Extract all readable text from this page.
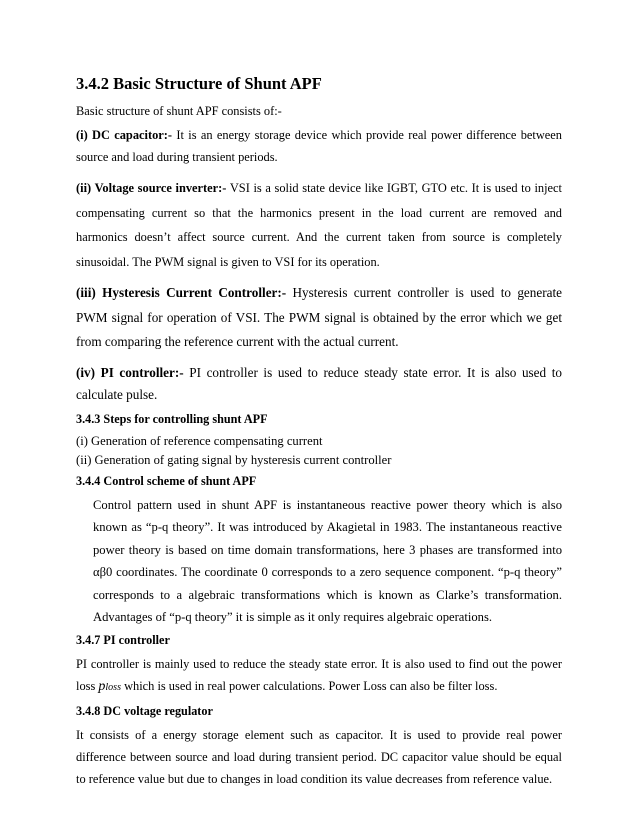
3.4.2 Basic Structure of Shunt APF

Basic structure of shunt APF consists of:-

(i) DC capacitor:- It is an energy storage device which provide real power difference between source and load during transient periods.

(ii) Voltage source inverter:- VSI is a solid state device like IGBT, GTO etc. It is used to inject compensating current so that the harmonics present in the load current are removed and harmonics doesn’t affect source current. And the current taken from source is completely sinusoidal. The PWM signal is given to VSI for its operation.

(iii) Hysteresis Current Controller:- Hysteresis current controller is used to generate PWM signal for operation of VSI. The PWM signal is obtained by the error which we get from comparing the reference current with the actual current.

(iv) PI controller:- PI controller is used to reduce steady state error. It is also used to calculate pulse.

3.4.3 Steps for controlling shunt APF

(i) Generation of reference compensating current

(ii) Generation of gating signal by hysteresis current controller

3.4.4 Control scheme of shunt APF

Control pattern used in shunt APF is instantaneous reactive power theory which is also known as “p-q theory”. It was introduced by Akagietal in 1983. The instantaneous reactive power theory is based on time domain transformations, here 3 phases are transformed into αβ0 coordinates. The coordinate 0 corresponds to a zero sequence component. “p-q theory” corresponds to a algebraic transformations which is known as Clarke’s transformation. Advantages of “p-q theory” it is simple as it only requires algebraic operations.

3.4.7 PI controller

PI controller is mainly used to reduce the steady state error. It is also used to find out the power loss ploss which is used in real power calculations. Power Loss can also be filter loss.

3.4.8 DC voltage regulator

It consists of a energy storage element such as capacitor. It is used to provide real power difference between source and load during transient period. DC capacitor value should be equal to reference value but due to changes in load condition its value decreases from reference value.
